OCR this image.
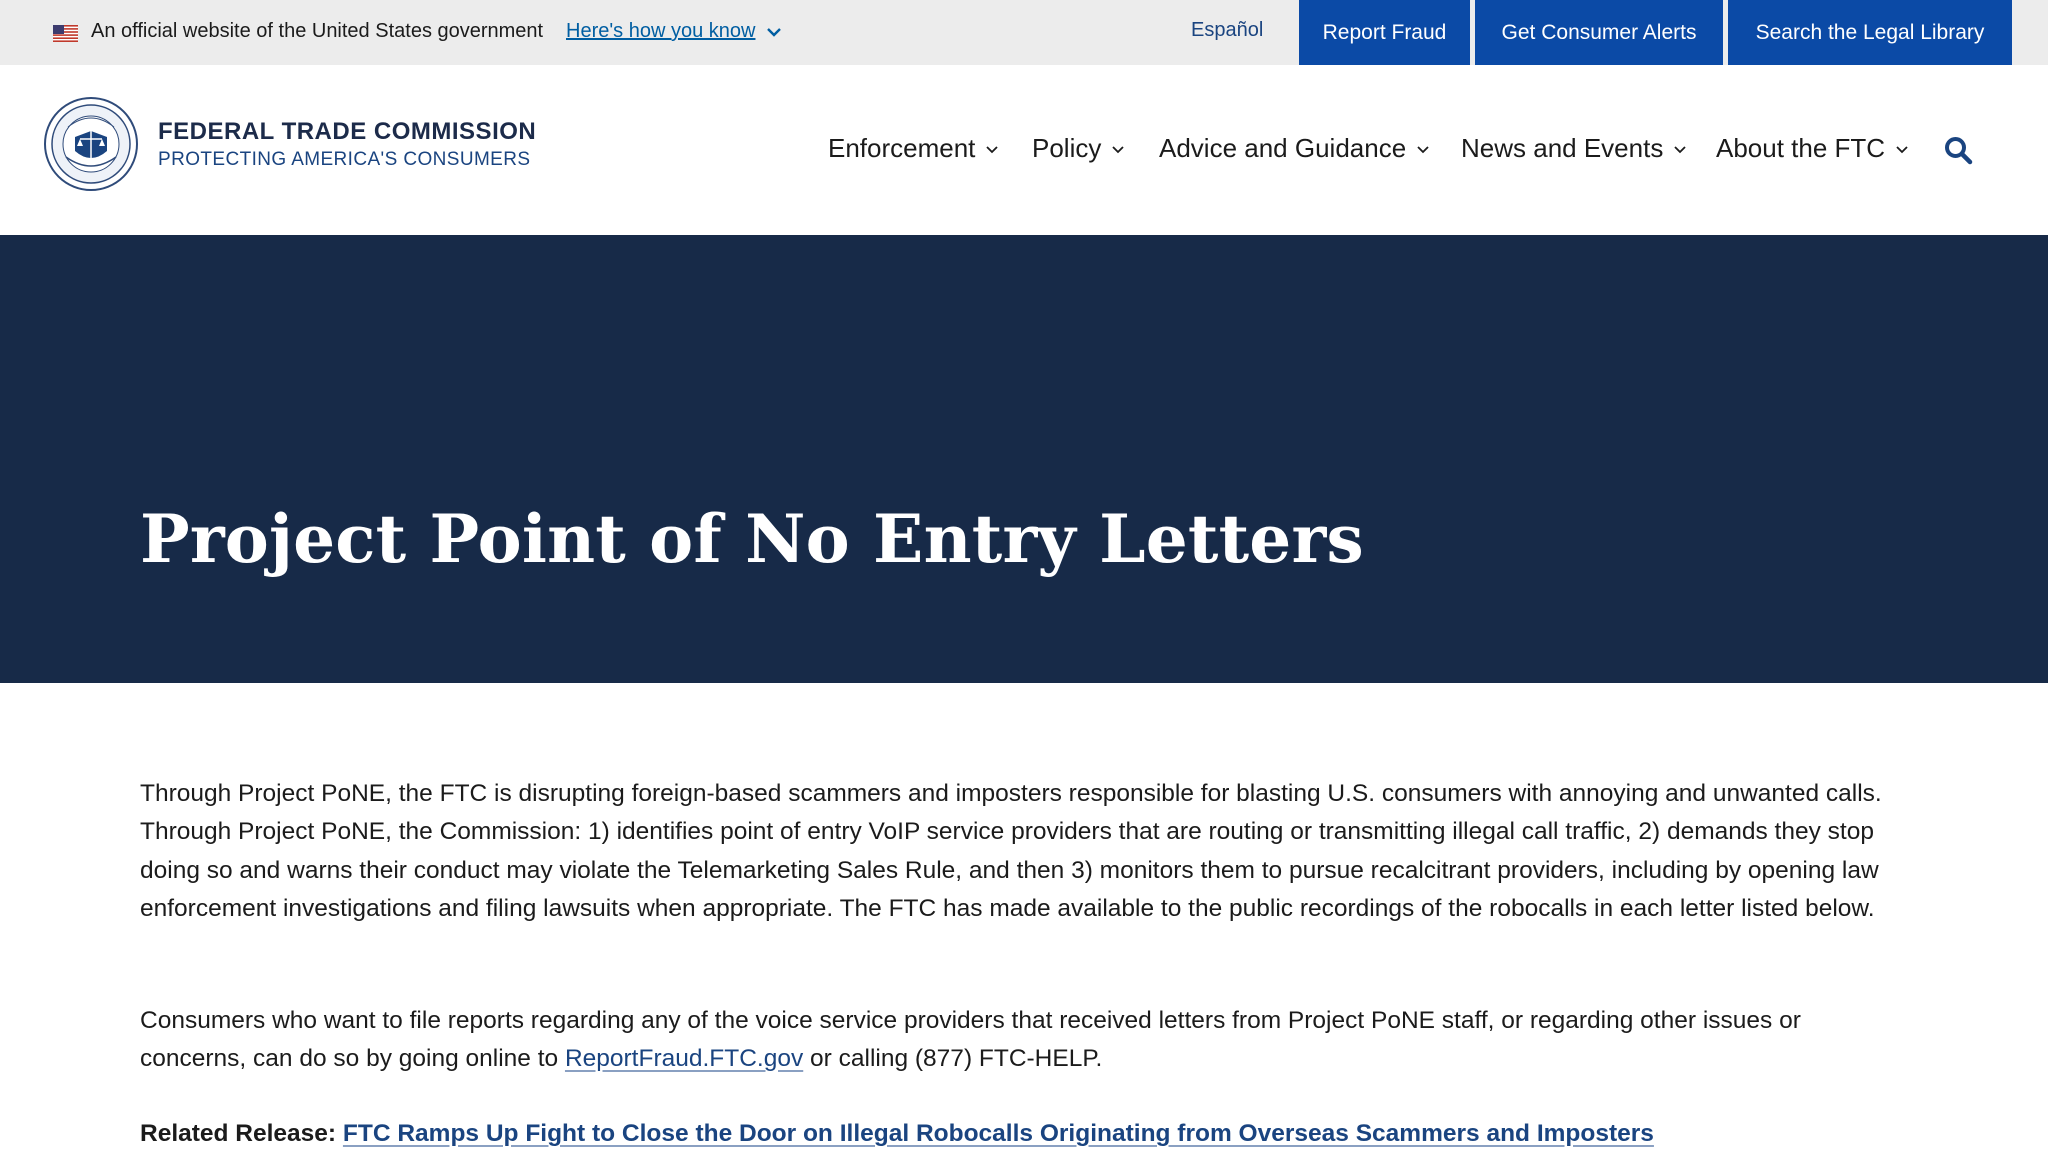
An official website of the United States government Here's how you know	Español	Report Fraud	Get Consumer Alerts	Search the Legal Library
FEDERAL TRADE COMMISSION
PROTECTING AMERICA'S CONSUMERS	Enforcement Policy Advice and Guidance News and Events About the FTC
Project Point of No Entry Letters

Through Project PoNE, the FTC is disrupting foreign-based scammers and imposters responsible for blasting U.S. consumers with annoying and unwanted calls. Through Project PoNE, the Commission: 1) identifies point of entry VoIP service providers that are routing or transmitting illegal call traffic, 2) demands they stop doing so and warns their conduct may violate the Telemarketing Sales Rule, and then 3) monitors them to pursue recalcitrant providers, including by opening law enforcement investigations and filing lawsuits when appropriate. The FTC has made available to the public recordings of the robocalls in each letter listed below.

Consumers who want to file reports regarding any of the voice service providers that received letters from Project PoNE staff, or regarding other issues or concerns, can do so by going online to ReportFraud.FTC.gov or calling (877) FTC-HELP.

Related Release: FTC Ramps Up Fight to Close the Door on Illegal Robocalls Originating from Overseas Scammers and Imposters
